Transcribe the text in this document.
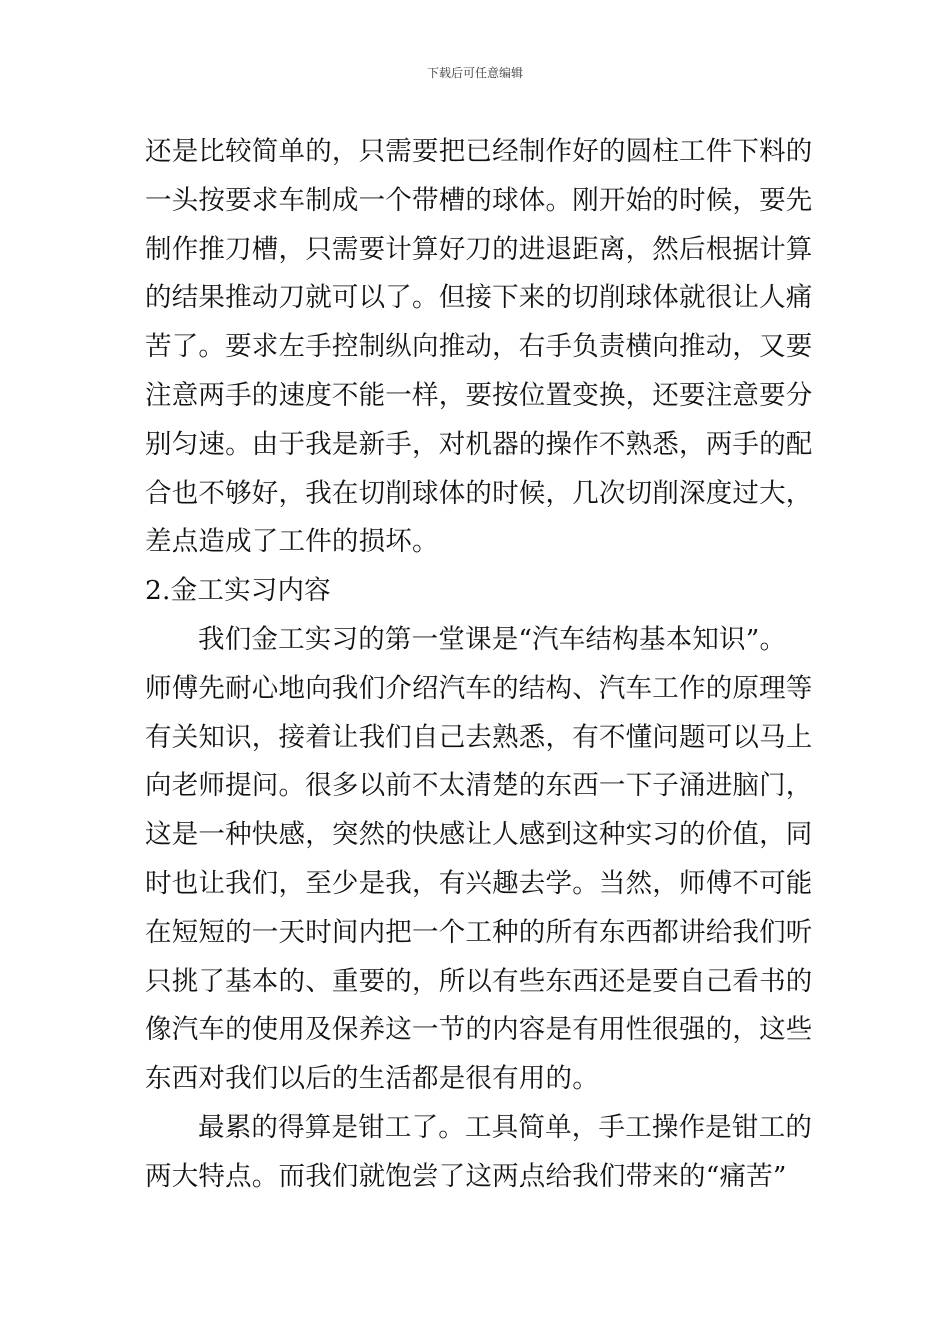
下载后可任意编辑
还是比较简单的，只需要把已经制作好的圆柱工件下料的
一头按要求车制成一个带槽的球体。刚开始的时候，要先
制作推刀槽，只需要计算好刀的进退距离，然后根据计算
的结果推动刀就可以了。但接下来的切削球体就很让人痛
苦了。要求左手控制纵向推动，右手负责横向推动，又要
注意两手的速度不能一样，要按位置变换，还要注意要分
别匀速。由于我是新手，对机器的操作不熟悉，两手的配
合也不够好，我在切削球体的时候，几次切削深度过大，
差点造成了工件的损坏。
2.金工实习内容
我们金工实习的第一堂课是“汽车结构基本知识”。
师傅先耐心地向我们介绍汽车的结构、汽车工作的原理等
有关知识，接着让我们自己去熟悉，有不懂问题可以马上
向老师提问。很多以前不太清楚的东西一下子涌进脑门，
这是一种快感，突然的快感让人感到这种实习的价值，同
时也让我们，至少是我，有兴趣去学。当然，师傅不可能
在短短的一天时间内把一个工种的所有东西都讲给我们听
只挑了基本的、重要的，所以有些东西还是要自己看书的
像汽车的使用及保养这一节的内容是有用性很强的，这些
东西对我们以后的生活都是很有用的。
最累的得算是钳工了。工具简单，手工操作是钳工的
两大特点。而我们就饱尝了这两点给我们带来的“痛苦”
